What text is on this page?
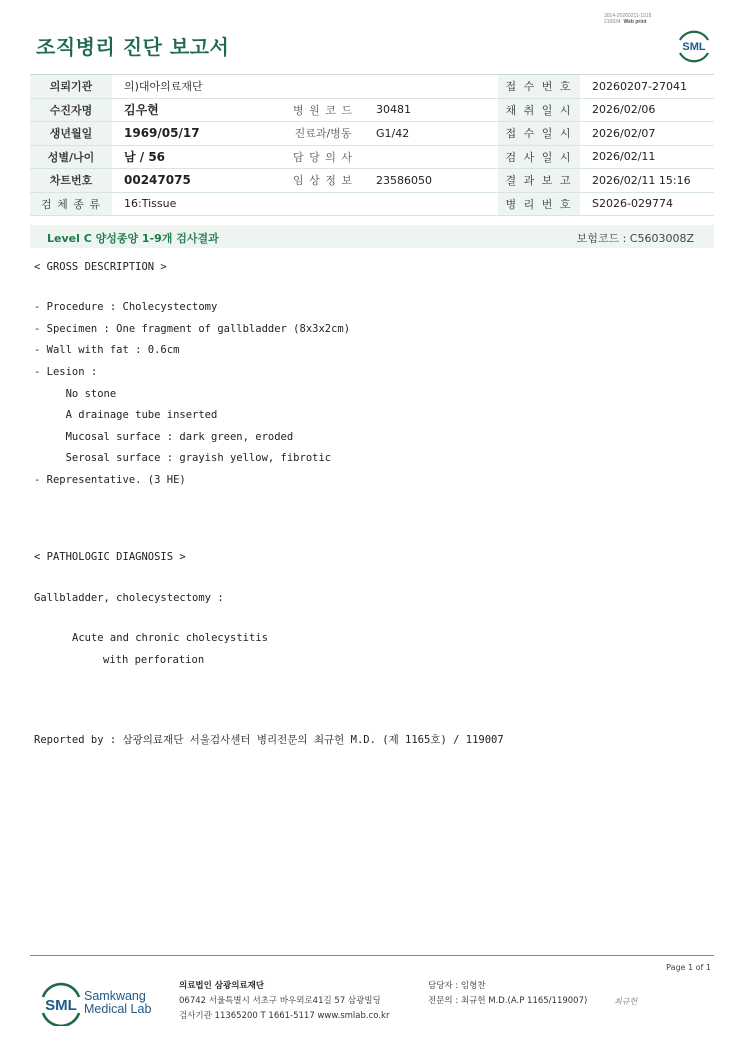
3014-20260211-1518
210034 Web print
조직병리 진단 보고서	SML
의뢰기관	의)대아의료재단			접 수 번 호	20260207-27041
수진자명	김우현	병 원 코 드	30481	채 취 일 시	2026/02/06
생년월일	1969/05/17	진료과/병동	G1/42	접 수 일 시	2026/02/07
성별/나이	남 / 56	담 당 의 사		검 사 일 시	2026/02/11
차트번호	00247075	임 상 정 보	23586050	결 과 보 고	2026/02/11 15:16
검 체 종 류	16:Tissue			병 리 번 호	S2026-029774
Level C 양성종양 1-9개 검사결과	보험코드 : C5603008Z
< GROSS DESCRIPTION >
- Procedure : Cholecystectomy
- Specimen : One fragment of gallbladder (8x3x2cm)
- Wall with fat : 0.6cm
- Lesion :
No stone
A drainage tube inserted
Mucosal surface : dark green, eroded
Serosal surface : grayish yellow, fibrotic
- Representative. (3 HE)
< PATHOLOGIC DIAGNOSIS >
Gallbladder, cholecystectomy :
Acute and chronic cholecystitis
with perforation
Reported by : 삼광의료재단 서울검사센터 병리전문의 최규헌 M.D. (제 1165호) / 119007
Page 1 of 1
SML
Samkwang
Medical Lab
의료법인 삼광의료재단
06742 서울특별시 서초구 바우뫼로41길 57 삼광빌딩
검사기관 11365200 T 1661-5117 www.smlab.co.kr
담당자 : 임형찬
전문의 : 최규헌 M.D.(A.P 1165/119007)	최규헌
